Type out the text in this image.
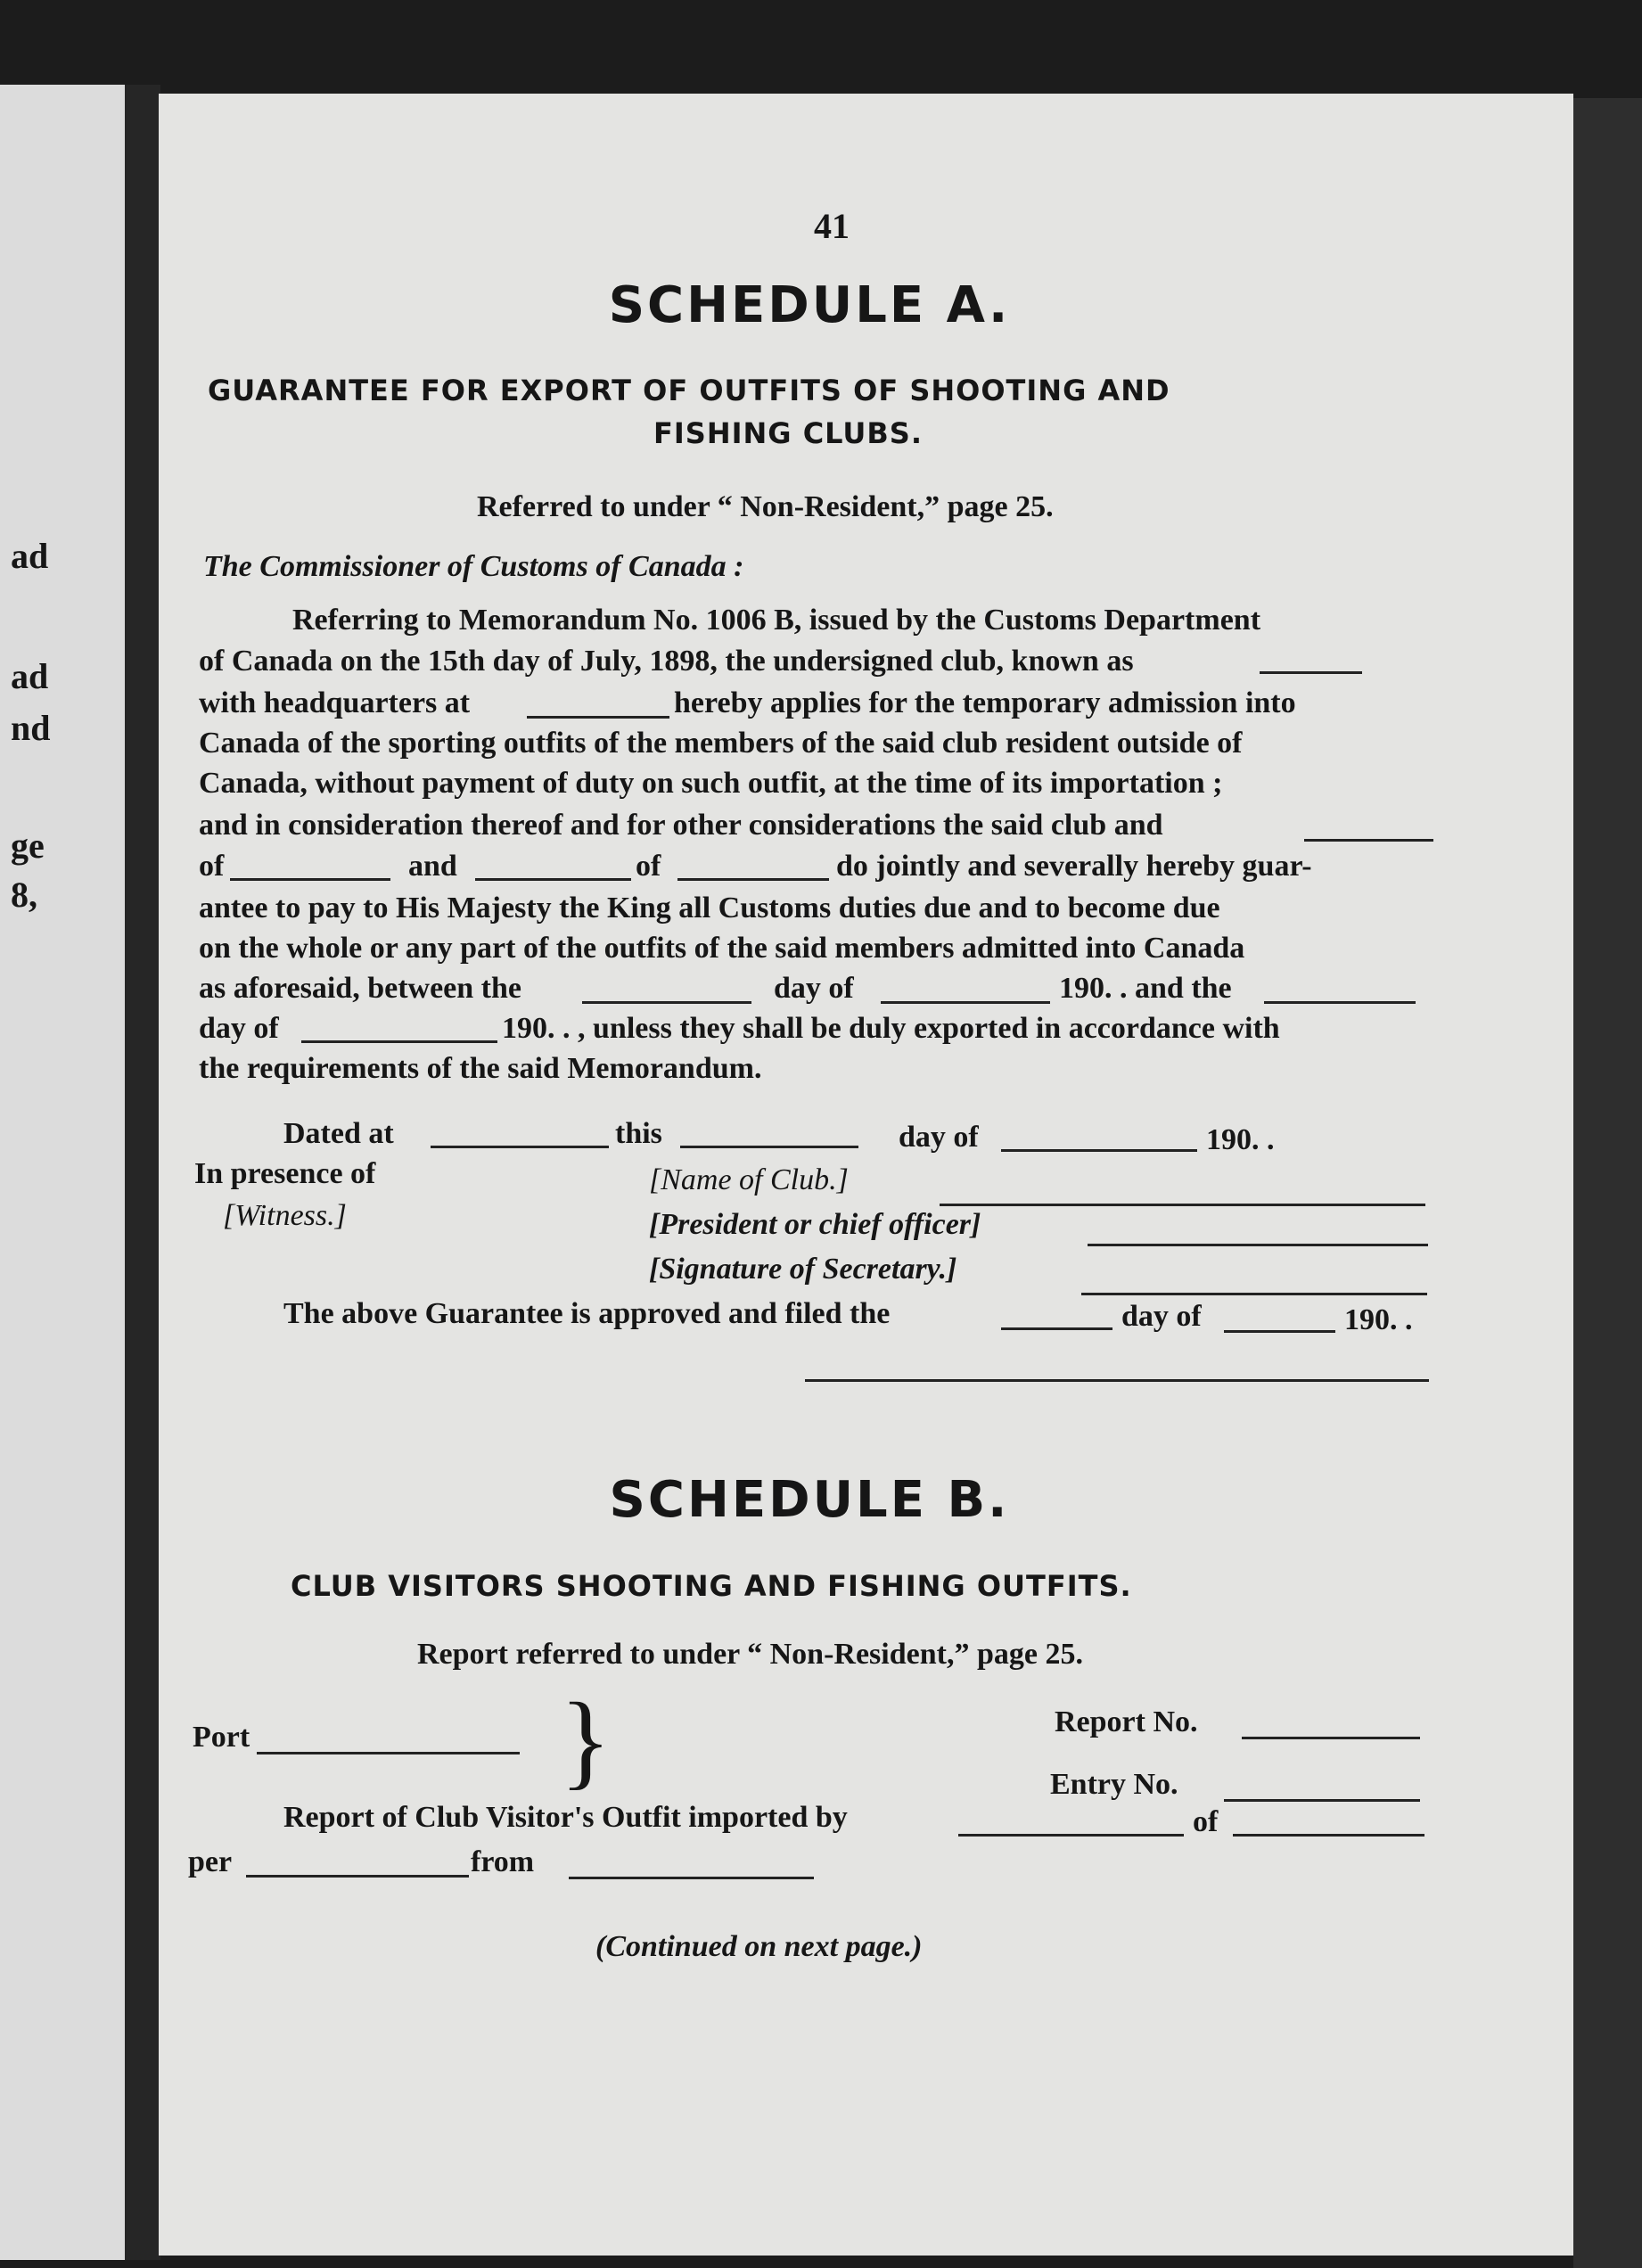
ad
ad
nd
ge
8,
41
SCHEDULE A.
GUARANTEE FOR EXPORT OF OUTFITS OF SHOOTING AND
FISHING CLUBS.
Referred to under “ Non-Resident,” page 25.
The Commissioner of Customs of Canada :
Referring to Memorandum No. 1006 B, issued by the Customs Department
of Canada on the 15th day of July, 1898, the undersigned club, known as
with headquarters at	hereby applies for the temporary admission into
Canada of the sporting outfits of the members of the said club resident outside of
Canada, without payment of duty on such outfit, at the time of its importation ;
and in consideration thereof and for other considerations the said club and
of	and	of	do jointly and severally hereby guar-
antee to pay to His Majesty the King all Customs duties due and to become due
on the whole or any part of the outfits of the said members admitted into Canada
as aforesaid, between the	day of	190. . and the
day of	190. . , unless they shall be duly exported in accordance with
the requirements of the said Memorandum.
Dated at	this	day of	190. .
In presence of	[Name of Club.]
[Witness.]	[President or chief officer]
[Signature of Secretary.]
The above Guarantee is approved and filed the	day of	190. .
SCHEDULE B.
CLUB VISITORS SHOOTING AND FISHING OUTFITS.
Report referred to under “ Non-Resident,” page 25.
Port	}	Report No.
Entry No.
Report of Club Visitor's Outfit imported by	of
per	from
(Continued on next page.)
